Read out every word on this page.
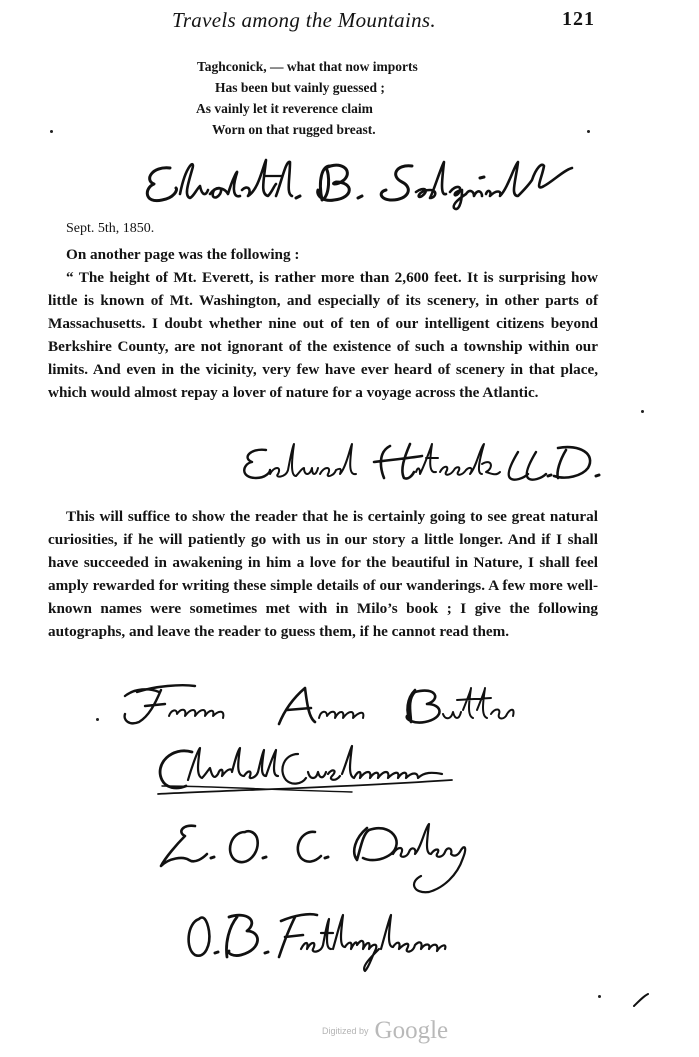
Travels among the Mountains.	121
Taghconick, — what that now imports
Has been but vainly guessed ;
As vainly let it reverence claim
Worn on that rugged breast.
Sept. 5th, 1850.

On another page was the following :

“ The height of Mt. Everett, is rather more than 2,600 feet. It is surprising how little is known of Mt. Washington, and especially of its scenery, in other parts of Massachusetts. I doubt whether nine out of ten of our intelligent citizens beyond Berkshire County, are not ignorant of the existence of such a township within our limits. And even in the vicinity, very few have ever heard of scenery in that place, which would almost repay a lover of nature for a voyage across the Atlantic.

This will suffice to show the reader that he is certainly going to see great natural curiosities, if he will patiently go with us in our story a little longer. And if I shall have succeeded in awakening in him a love for the beautiful in Nature, I shall feel amply rewarded for writing these simple details of our wanderings. A few more well-known names were sometimes met with in Milo’s book ; I give the following autographs, and leave the reader to guess them, if he cannot read them.

Digitized by Google
